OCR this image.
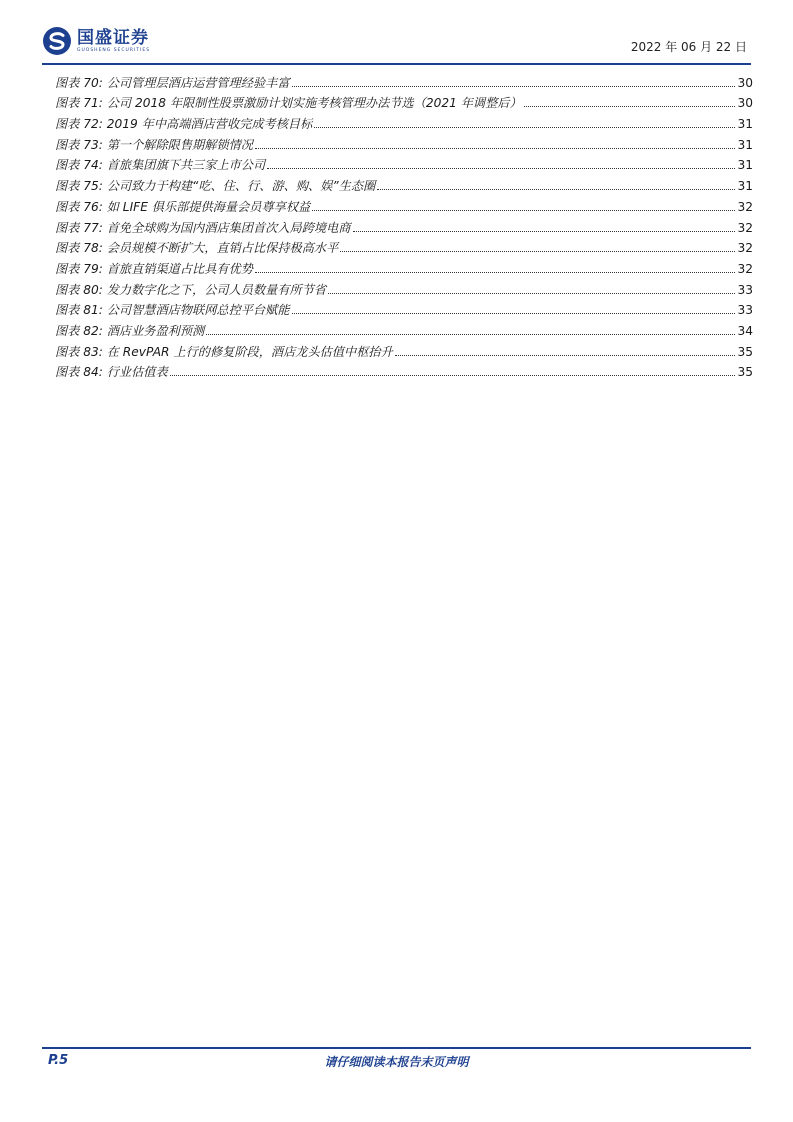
国盛证券
GUOSHENG SECURITIES	2022 年 06 月 22 日
图表 70: 公司管理层酒店运营管理经验丰富	30
图表 71: 公司 2018 年限制性股票激励计划实施考核管理办法节选（2021 年调整后）	30
图表 72: 2019 年中高端酒店营收完成考核目标	31
图表 73: 第一个解除限售期解锁情况	31
图表 74: 首旅集团旗下共三家上市公司	31
图表 75: 公司致力于构建“吃、住、行、游、购、娱”生态圈	31
图表 76: 如 LIFE 俱乐部提供海量会员尊享权益	32
图表 77: 首免全球购为国内酒店集团首次入局跨境电商	32
图表 78: 会员规模不断扩大，直销占比保持极高水平	32
图表 79: 首旅直销渠道占比具有优势	32
图表 80: 发力数字化之下，公司人员数量有所节省	33
图表 81: 公司智慧酒店物联网总控平台赋能	33
图表 82: 酒店业务盈利预测	34
图表 83: 在 RevPAR 上行的修复阶段，酒店龙头估值中枢抬升	35
图表 84: 行业估值表	35
P.5	请仔细阅读本报告末页声明
